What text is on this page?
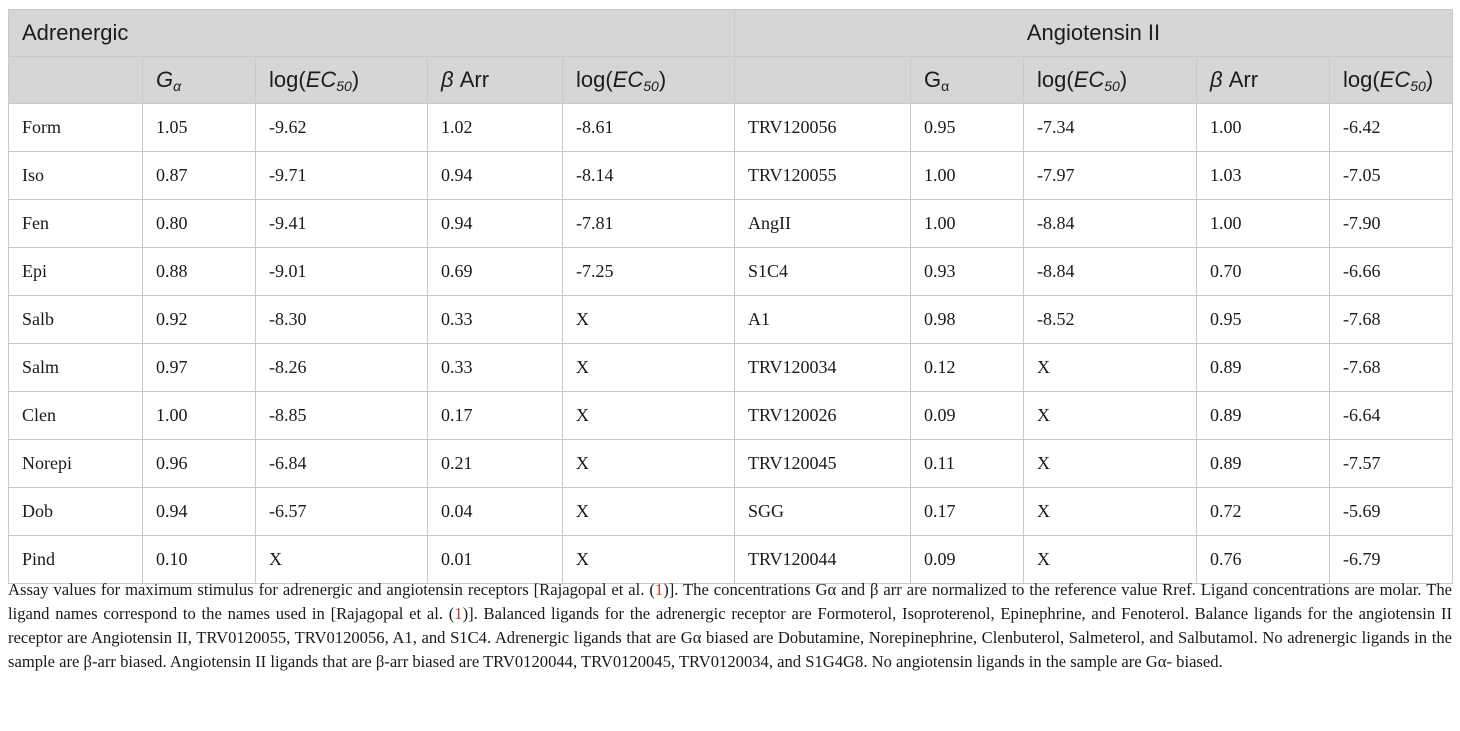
Adrenergic					Angiotensin II				
	$G_\alpha$	$\log(EC_{50})$	β Arr	$\log(EC_{50})$		$G_\alpha$	$\log(EC_{50})$	β Arr	$\log(EC_{50})$
Form	1.05	-9.62	1.02	-8.61	TRV120056	0.95	-7.34	1.00	-6.42
Iso	0.87	-9.71	0.94	-8.14	TRV120055	1.00	-7.97	1.03	-7.05
Fen	0.80	-9.41	0.94	-7.81	AngII	1.00	-8.84	1.00	-7.90
Epi	0.88	-9.01	0.69	-7.25	S1C4	0.93	-8.84	0.70	-6.66
Salb	0.92	-8.30	0.33	X	A1	0.98	-8.52	0.95	-7.68
Salm	0.97	-8.26	0.33	X	TRV120034	0.12	X	0.89	-7.68
Clen	1.00	-8.85	0.17	X	TRV120026	0.09	X	0.89	-6.64
Norepi	0.96	-6.84	0.21	X	TRV120045	0.11	X	0.89	-7.57
Dob	0.94	-6.57	0.04	X	SGG	0.17	X	0.72	-5.69
Pind	0.10	X	0.01	X	TRV120044	0.09	X	0.76	-6.79
Assay values for maximum stimulus for adrenergic and angiotensin receptors [Rajagopal et al. (1)]. The concentrations Gα and β arr are normalized to the reference value Rref. Ligand concentrations are molar. The ligand names correspond to the names used in [Rajagopal et al. (1)]. Balanced ligands for the adrenergic receptor are Formoterol, Isoproterenol, Epinephrine, and Fenoterol. Balance ligands for the angiotensin II receptor are Angiotensin II, TRV0120055, TRV0120056, A1, and S1C4. Adrenergic ligands that are Gα biased are Dobutamine, Norepinephrine, Clenbuterol, Salmeterol, and Salbutamol. No adrenergic ligands in the sample are β-arr biased. Angiotensin II ligands that are β-arr biased are TRV0120044, TRV0120045, TRV0120034, and S1G4G8. No angiotensin ligands in the sample are Gα- biased.
